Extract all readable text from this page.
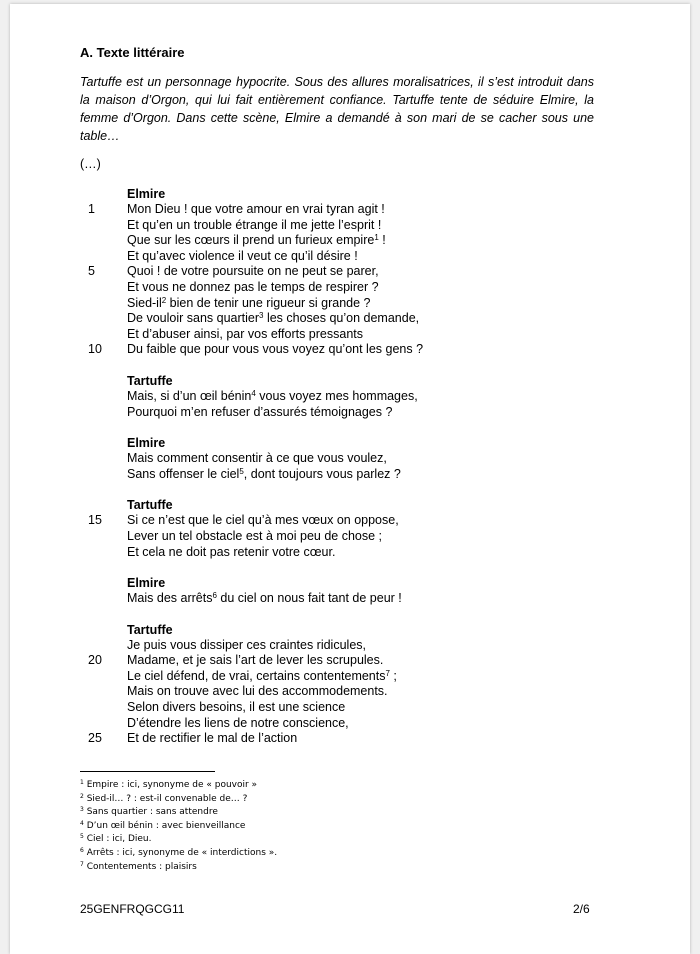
A. Texte littéraire
Tartuffe est un personnage hypocrite. Sous des allures moralisatrices, il s’est introduit dans la maison d’Orgon, qui lui fait entièrement confiance. Tartuffe tente de séduire Elmire, la femme d’Orgon. Dans cette scène, Elmire a demandé à son mari de se cacher sous une table…
(…)
Elmire
1	Mon Dieu ! que votre amour en vrai tyran agit !
Et qu’en un trouble étrange il me jette l’esprit !
Que sur les cœurs il prend un furieux empire$^1$ !
Et qu’avec violence il veut ce qu’il désire !
5	Quoi ! de votre poursuite on ne peut se parer,
Et vous ne donnez pas le temps de respirer ?
Sied-$il^2$ bien de tenir une rigueur si grande ?
De vouloir sans quartier$^3$ les choses qu’on demande,
Et d’abuser ainsi, par vos efforts pressants
10 Du faible que pour vous vous voyez qu’ont les gens ?
Tartuffe
Mais, si d’un œil bénin$^4$ vous voyez mes hommages,
Pourquoi m’en refuser d’assurés témoignages ?
Elmire
Mais comment consentir à ce que vous voulez,
Sans offenser le ciel$^5$, dont toujours vous parlez ?
Tartuffe
15 Si ce n’est que le ciel qu’à mes vœux on oppose,
Lever un tel obstacle est à moi peu de chose ;
Et cela ne doit pas retenir votre cœur.
Elmire
Mais des arrêts$^6$ du ciel on nous fait tant de peur !
Tartuffe
Je puis vous dissiper ces craintes ridicules,
20 Madame, et je sais l’art de lever les scrupules.
Le ciel défend, de vrai, certains contentements$^7$ ;
Mais on trouve avec lui des accommodements.
Selon divers besoins, il est une science
D’étendre les liens de notre conscience,
25 Et de rectifier le mal de l’action
$^1$ Empire : ici, synonyme de « pouvoir »
$^2$ Sied-il… ? : est-il convenable de… ?
$^3$ Sans quartier : sans attendre
$^4$ D’un œil bénin : avec bienveillance
$^5$ Ciel : ici, Dieu.
$^6$ Arrêts : ici, synonyme de « interdictions ».
$^7$ Contentements : plaisirs
25GENFRQGCG11	2/6
